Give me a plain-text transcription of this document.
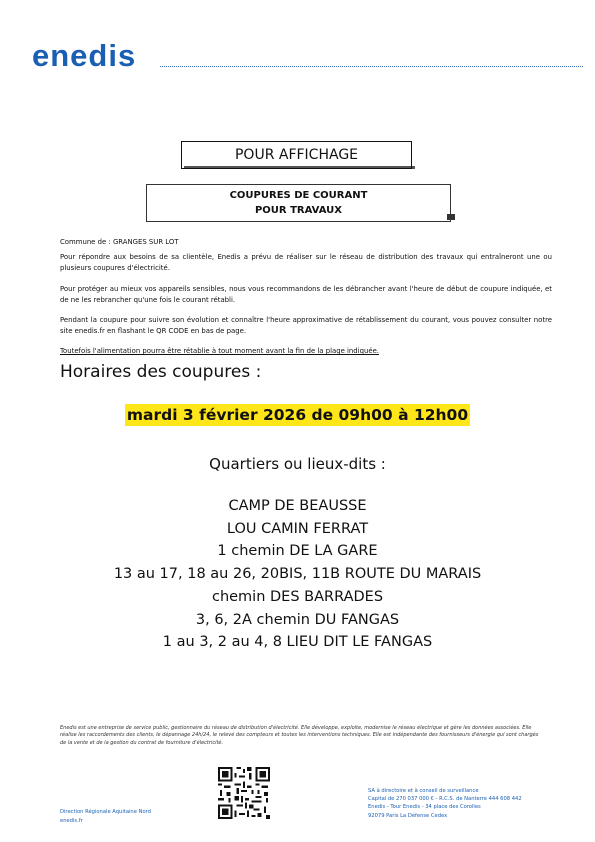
enedis
POUR AFFICHAGE
COUPURES DE COURANT
POUR TRAVAUX
Commune de : GRANGES SUR LOT
Pour répondre aux besoins de sa clientèle, Enedis a prévu de réaliser sur le réseau de distribution des travaux qui entraîneront une ou plusieurs coupures d'électricité.
Pour protéger au mieux vos appareils sensibles, nous vous recommandons de les débrancher avant l'heure de début de coupure indiquée, et de ne les rebrancher qu'une fois le courant rétabli.
Pendant la coupure pour suivre son évolution et connaître l'heure approximative de rétablissement du courant, vous pouvez consulter notre site enedis.fr en flashant le QR CODE en bas de page.
Toutefois l'alimentation pourra être rétablie à tout moment avant la fin de la plage indiquée.
Horaires des coupures :
mardi 3 février 2026 de 09h00 à 12h00
Quartiers ou lieux-dits :
CAMP DE BEAUSSE
LOU CAMIN FERRAT
1 chemin DE LA GARE
13 au 17, 18 au 26, 20BIS, 11B ROUTE DU MARAIS
chemin DES BARRADES
3, 6, 2A chemin DU FANGAS
1 au 3, 2 au 4, 8 LIEU DIT LE FANGAS
Enedis est une entreprise de service public, gestionnaire du réseau de distribution d'électricité. Elle développe, exploite, modernise le réseau électrique et gère les données associées. Elle réalise les raccordements des clients, le dépannage 24h/24, le relevé des compteurs et toutes les interventions techniques. Elle est indépendante des fournisseurs d'énergie qui sont chargés de la vente et de la gestion du contrat de fourniture d'électricité.
Direction Régionale Aquitaine Nord
enedis.fr
SA à directoire et à conseil de surveillance
Capital de 270 037 000 € - R.C.S. de Nanterre 444 608 442
Enedis - Tour Enedis - 34 place des Corolles
92079 Paris La Défense Cedex
